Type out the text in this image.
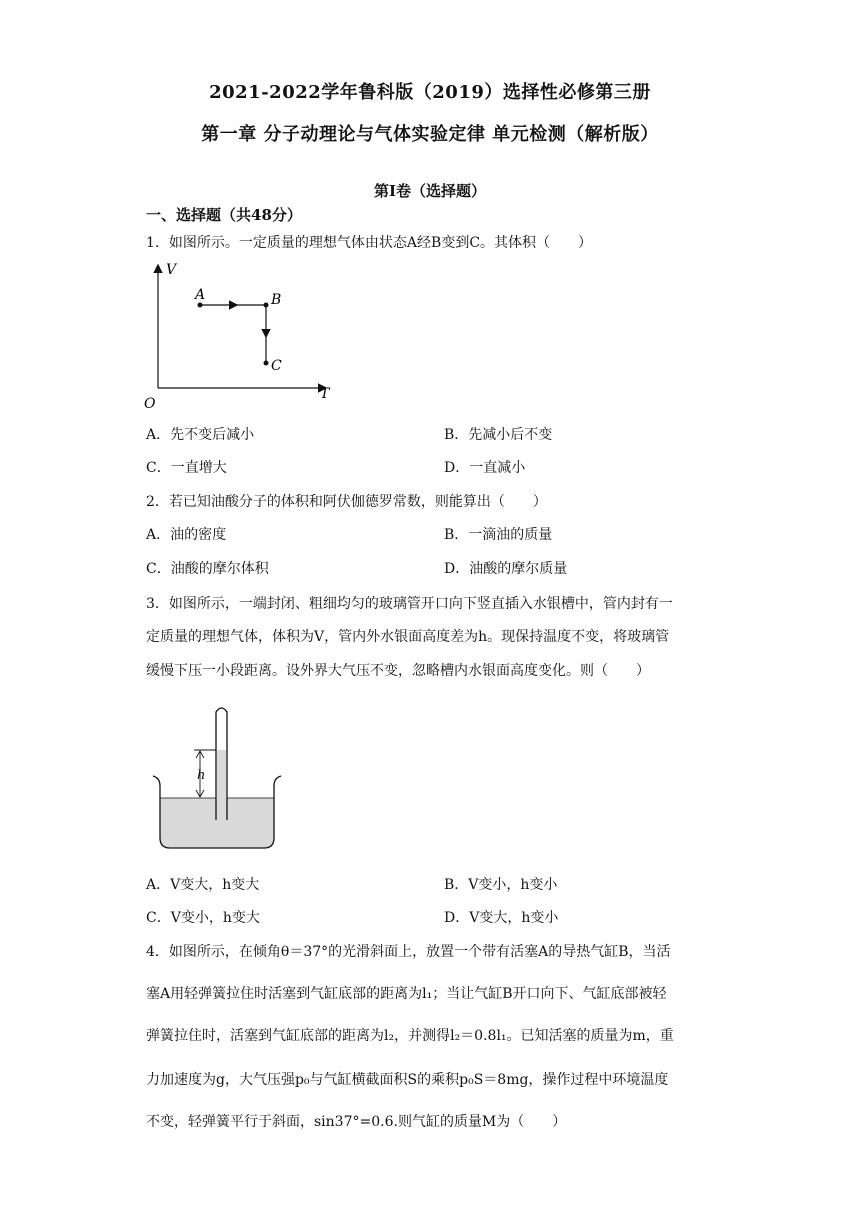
2021-2022学年鲁科版（2019）选择性必修第三册
第一章 分子动理论与气体实验定律 单元检测（解析版）
第Ⅰ卷（选择题）
一、选择题（共48分）
1．如图所示。一定质量的理想气体由状态A经B变到C。其体积（　　）
V
T
O
A	B
C
A．先不变后减小	B．先减小后不变
C．一直增大	D．一直减小
2．若已知油酸分子的体积和阿伏伽德罗常数，则能算出（　　）
A．油的密度	B．一滴油的质量
C．油酸的摩尔体积	D．油酸的摩尔质量
3．如图所示，一端封闭、粗细均匀的玻璃管开口向下竖直插入水银槽中，管内封有一
定质量的理想气体，体积为V，管内外水银面高度差为h。现保持温度不变，将玻璃管
缓慢下压一小段距离。设外界大气压不变，忽略槽内水银面高度变化。则（　　）
h
A．V变大，h变大	B．V变小，h变小
C．V变小，h变大	D．V变大，h变小
4．如图所示，在倾角θ＝37°的光滑斜面上，放置一个带有活塞A的导热气缸B，当活
塞A用轻弹簧拉住时活塞到气缸底部的距离为l₁；当让气缸B开口向下、气缸底部被轻
弹簧拉住时，活塞到气缸底部的距离为l₂，并测得l₂＝0.8l₁。已知活塞的质量为m，重
力加速度为g，大气压强p₀与气缸横截面积S的乘积p₀S＝8mg，操作过程中环境温度
不变，轻弹簧平行于斜面，sin37°=0.6.则气缸的质量M为（　　）
